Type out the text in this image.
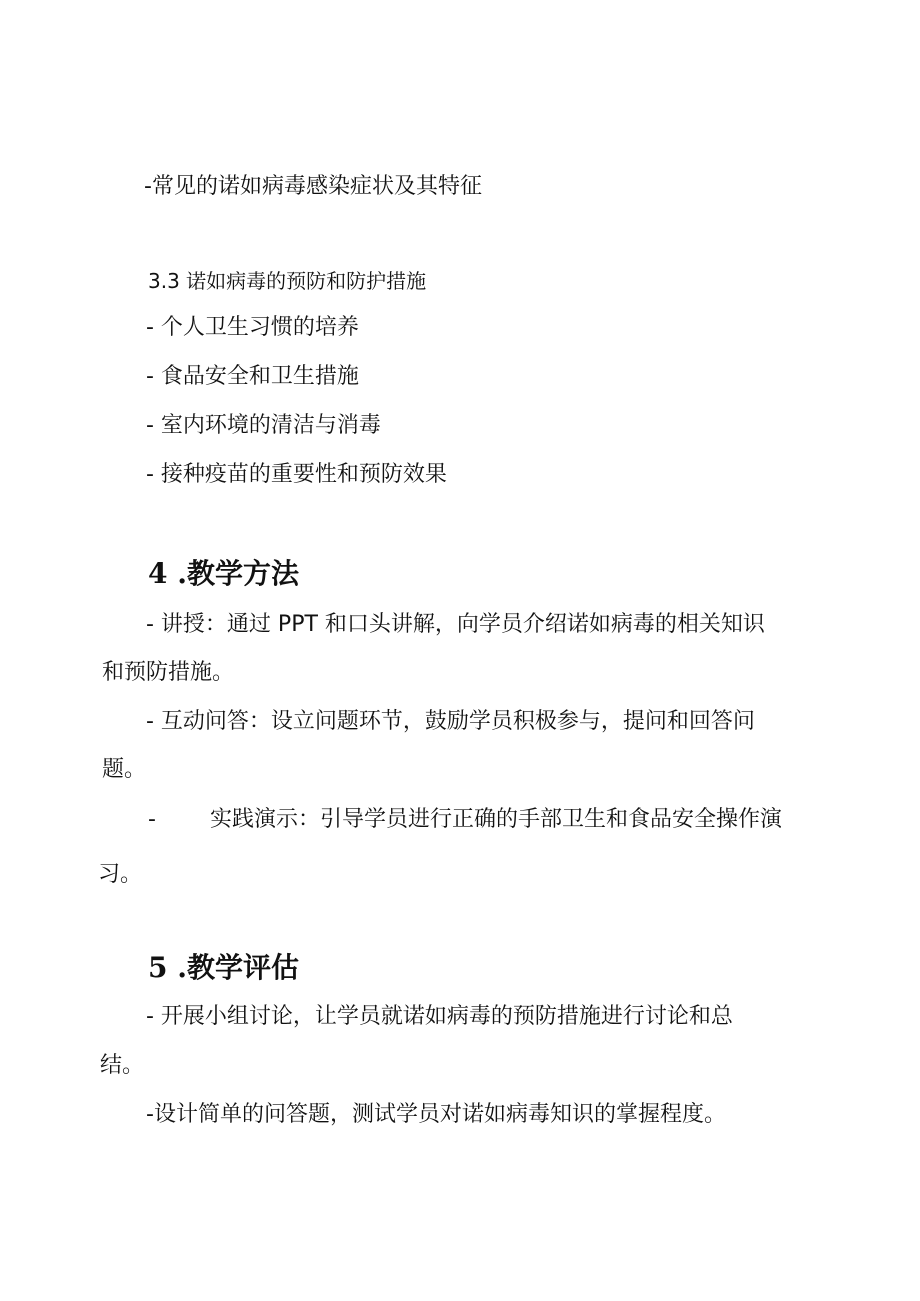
-常见的诺如病毒感染症状及其特征
3.3 诺如病毒的预防和防护措施
- 个人卫生习惯的培养
- 食品安全和卫生措施
- 室内环境的清洁与消毒
- 接种疫苗的重要性和预防效果
4 .教学方法
- 讲授：通过 PPT 和口头讲解，向学员介绍诺如病毒的相关知识
和预防措施。
- 互动问答：设立问题环节，鼓励学员积极参与，提问和回答问
题。
- 实践演示：引导学员进行正确的手部卫生和食品安全操作演
习。
5 .教学评估
- 开展小组讨论，让学员就诺如病毒的预防措施进行讨论和总
结。
-设计简单的问答题，测试学员对诺如病毒知识的掌握程度。
